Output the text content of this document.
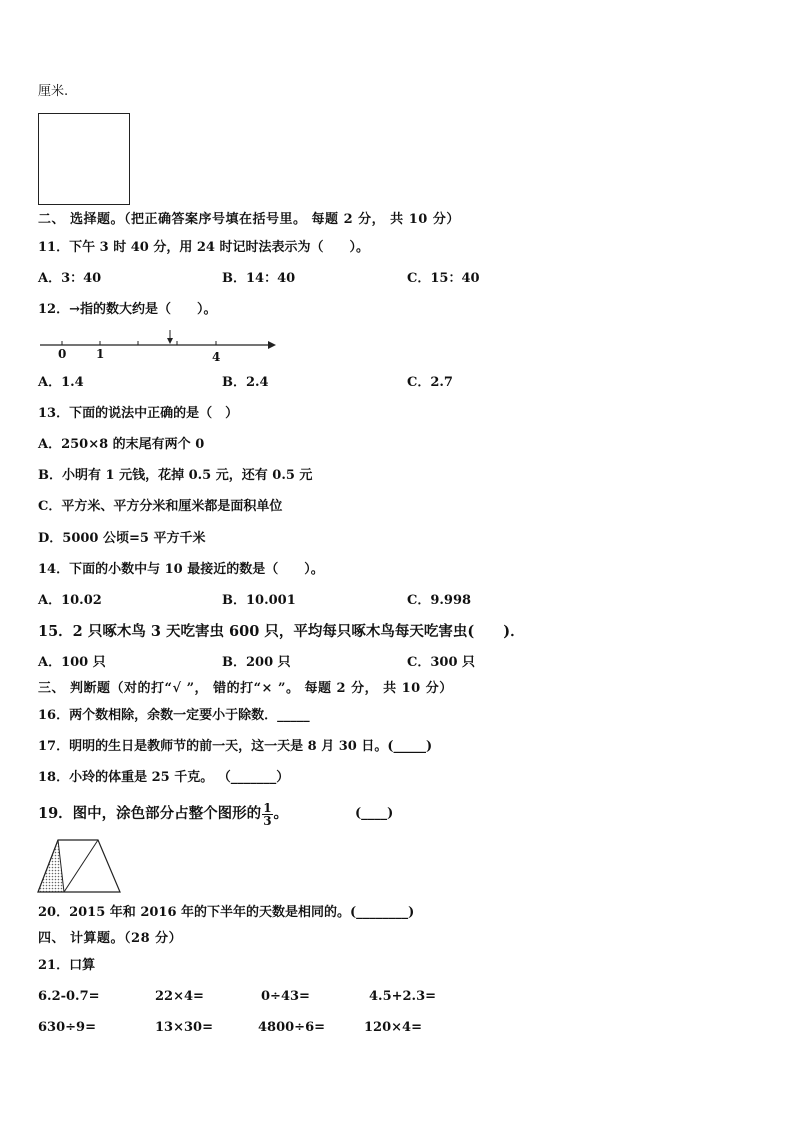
厘米.
二、 选择题。（把正确答案序号填在括号里。 每题 2 分， 共 10 分）
11．下午 3 时 40 分，用 24 时记时法表示为（　　）。
A．3：40	B．14：40	C．15：40
12．→指的数大约是（　　）。
0 1	4
A．1.4	B．2.4	C．2.7
13．下面的说法中正确的是（　）
A．250×8 的末尾有两个 0
B．小明有 1 元钱，花掉 0.5 元，还有 0.5 元
C．平方米、平方分米和厘米都是面积单位
D．5000 公顷=5 平方千米
14．下面的小数中与 10 最接近的数是（　　）。
A．10.02	B．10.001	C．9.998
15．2 只啄木鸟 3 天吃害虫 600 只，平均每只啄木鸟每天吃害虫(　　)．
A．100 只	B．200 只	C．300 只
三、 判断题（对的打“√ ”， 错的打“× ”。 每题 2 分， 共 10 分）
16．两个数相除，余数一定要小于除数．_____
17．明明的生日是教师节的前一天，这一天是 8 月 30 日。(_____)
18．小玲的体重是 25 千克。 （_______）
19．图中，涂色部分占整个图形的 $\frac{1}{3}$ 。	(____)
20．2015 年和 2016 年的下半年的天数是相同的。(________)
四、 计算题。（28 分）
21．口算
6.2-0.7=	22×4=	0÷43=	4.5+2.3=
630÷9=	13×30=	4800÷6=	120×4=
